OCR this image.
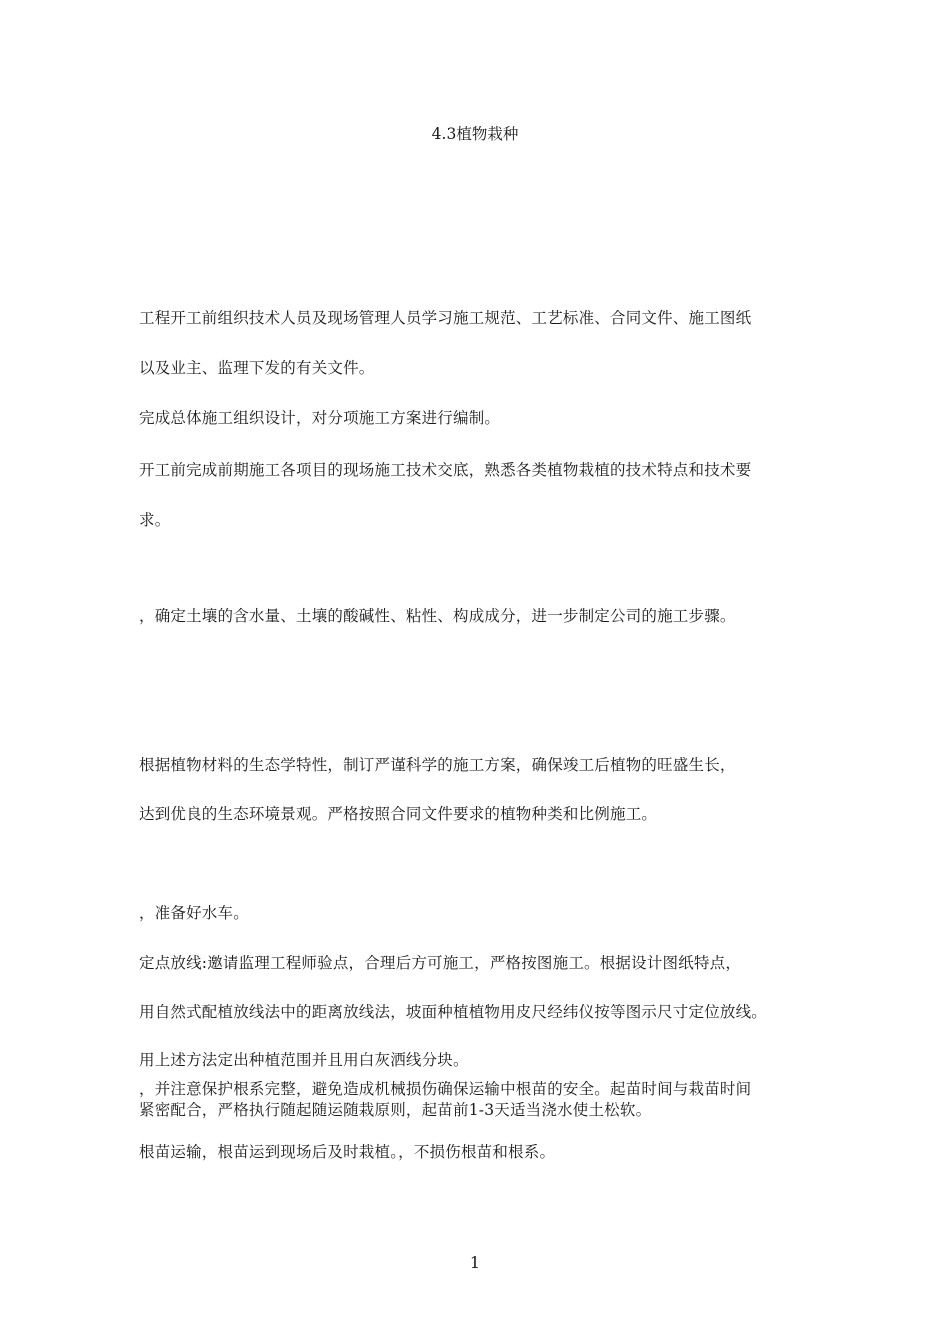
4.3植物栽种
工程开工前组织技术人员及现场管理人员学习施工规范、工艺标准、合同文件、施工图纸
以及业主、监理下发的有关文件。
完成总体施工组织设计，对分项施工方案进行编制。
开工前完成前期施工各项目的现场施工技术交底，熟悉各类植物栽植的技术特点和技术要
求。
，确定土壤的含水量、土壤的酸碱性、粘性、构成成分，进一步制定公司的施工步骤。
根据植物材料的生态学特性，制订严谨科学的施工方案，确保竣工后植物的旺盛生长，
达到优良的生态环境景观。严格按照合同文件要求的植物种类和比例施工。
，准备好水车。
定点放线:邀请监理工程师验点，合理后方可施工，严格按图施工。根据设计图纸特点，
用自然式配植放线法中的距离放线法，坡面种植植物用皮尺经纬仪按等图示尺寸定位放线。
用上述方法定出种植范围并且用白灰洒线分块。
，并注意保护根系完整，避免造成机械损伤确保运输中根苗的安全。起苗时间与栽苗时间
紧密配合，严格执行随起随运随栽原则，起苗前1-3天适当浇水使土松软。
根苗运输，根苗运到现场后及时栽植。，不损伤根苗和根系。
1
